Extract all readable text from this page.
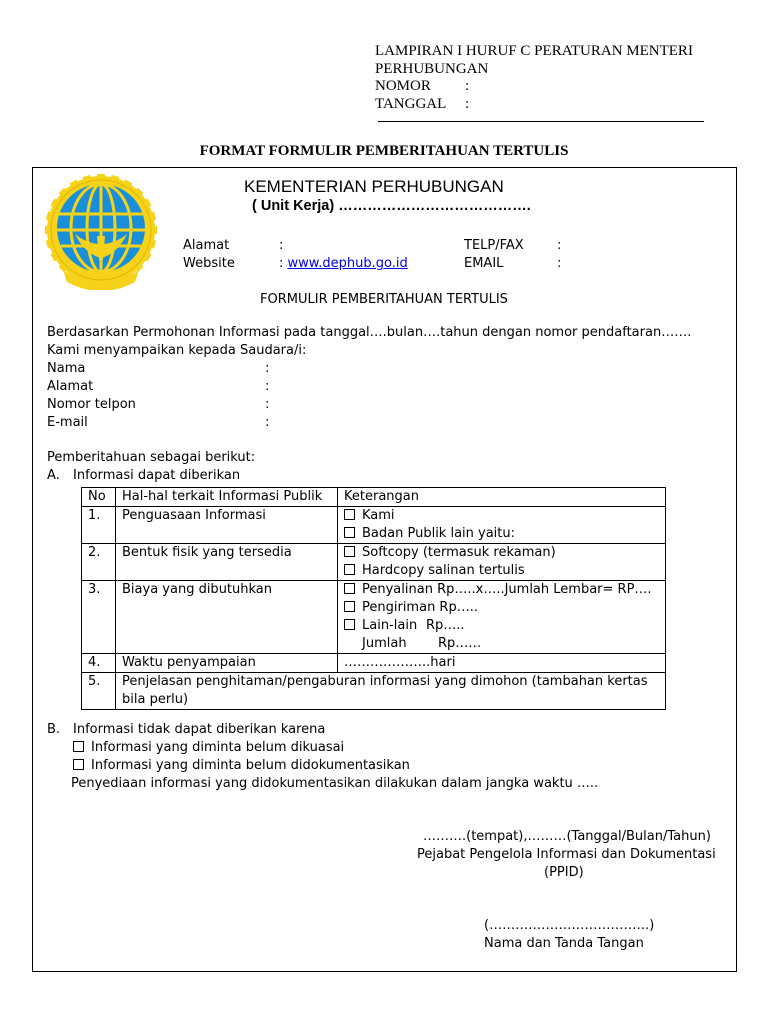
LAMPIRAN I HURUF C PERATURAN MENTERI
PERHUBUNGAN
NOMOR	:
TANGGAL	:
FORMAT FORMULIR PEMBERITAHUAN TERTULIS
KEMENTERIAN PERHUBUNGAN
( Unit Kerja) ………………………………….
Alamat	:
Website	: www.dephub.go.id
TELP/FAX	:
EMAIL	:
FORMULIR PEMBERITAHUAN TERTULIS
Berdasarkan Permohonan Informasi pada tanggal….bulan….tahun dengan nomor pendaftaran…….
Kami menyampaikan kepada Saudara/i:
Nama	:
Alamat	:
Nomor telpon	:
E-mail	:
Pemberitahuan sebagai berikut:
A. Informasi dapat diberikan
No	Hal-hal terkait Informasi Publik	Keterangan
1.	Penguasaan Informasi	Kami
Badan Publik lain yaitu:

2.	Bentuk fisik yang tersedia	Softcopy (termasuk rekaman)
Hardcopy salinan tertulis

3.	Biaya yang dibutuhkan	Penyalinan Rp…..x…..Jumlah Lembar= RP….
Pengiriman Rp…..
Lain-lain Rp…..
Jumlah Rp……

4.	Waktu penyampaian	………………..hari
5.	Penjelasan penghitaman/pengaburan informasi yang dimohon (tambahan kertas bila perlu)	
B. Informasi tidak dapat diberikan karena
Informasi yang diminta belum dikuasai
Informasi yang diminta belum didokumentasikan
Penyediaan informasi yang didokumentasikan dilakukan dalam jangka waktu …..
……….(tempat),………(Tanggal/Bulan/Tahun)
Pejabat Pengelola Informasi dan Dokumentasi
(PPID)
(……………………………….)
Nama dan Tanda Tangan
